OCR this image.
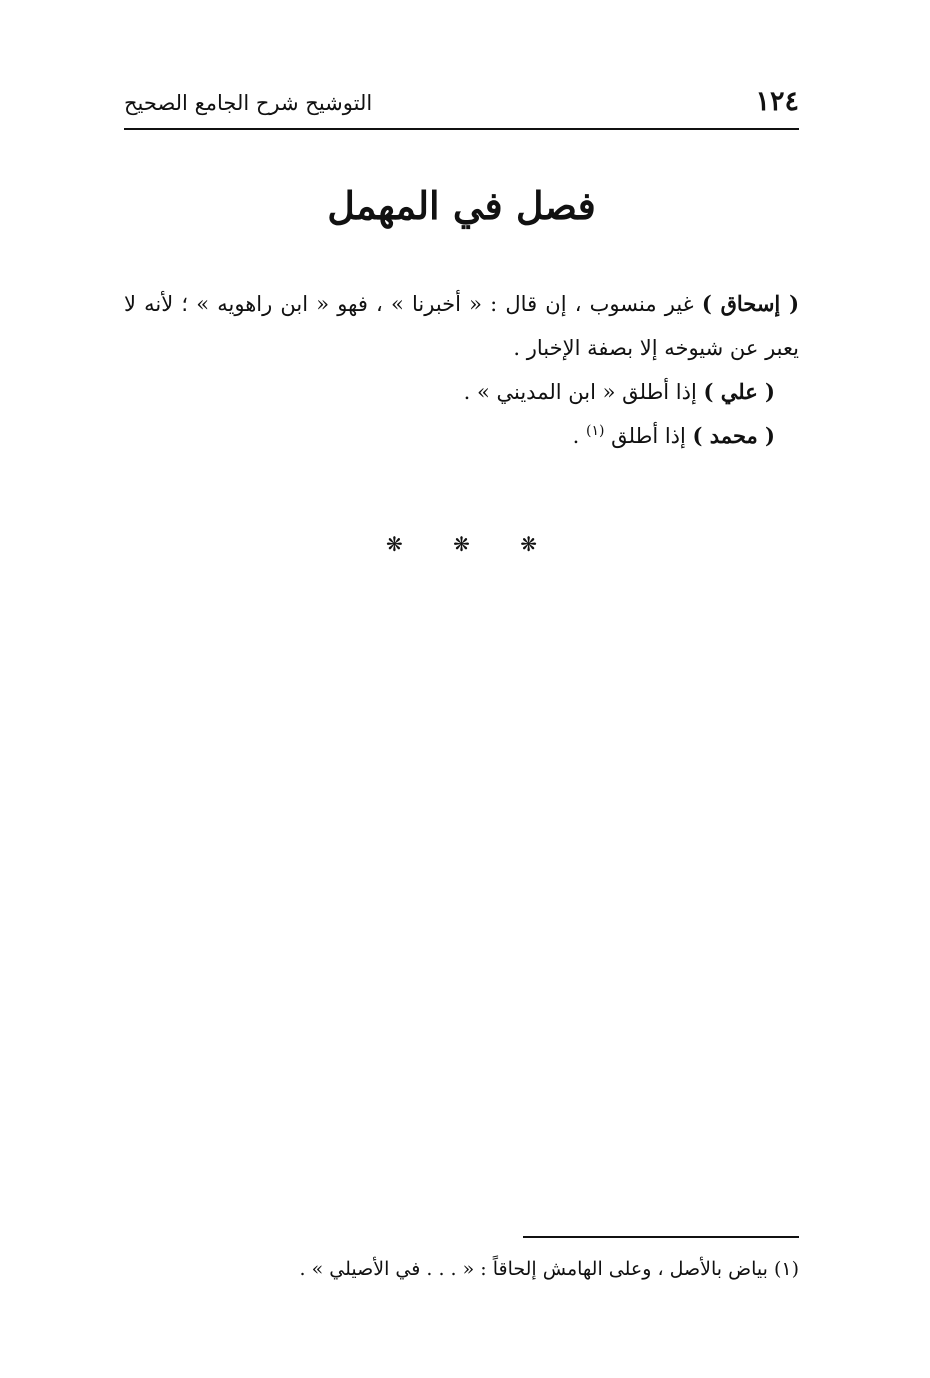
١٢٤
التوشيح شرح الجامع الصحيح
فصل في المهمل

( إسحاق ) غير منسوب ، إن قال : « أخبرنا » ، فهو « ابن راهويه » ؛ لأنه لا يعبر عن شيوخه إلا بصفة الإخبار .

( علي ) إذا أطلق « ابن المديني » .

( محمد ) إذا أطلق $^{(١)}$ .

❋ ❋ ❋
(١) بياض بالأصل ، وعلى الهامش إلحاقاً : « . . . في الأصيلي » .
